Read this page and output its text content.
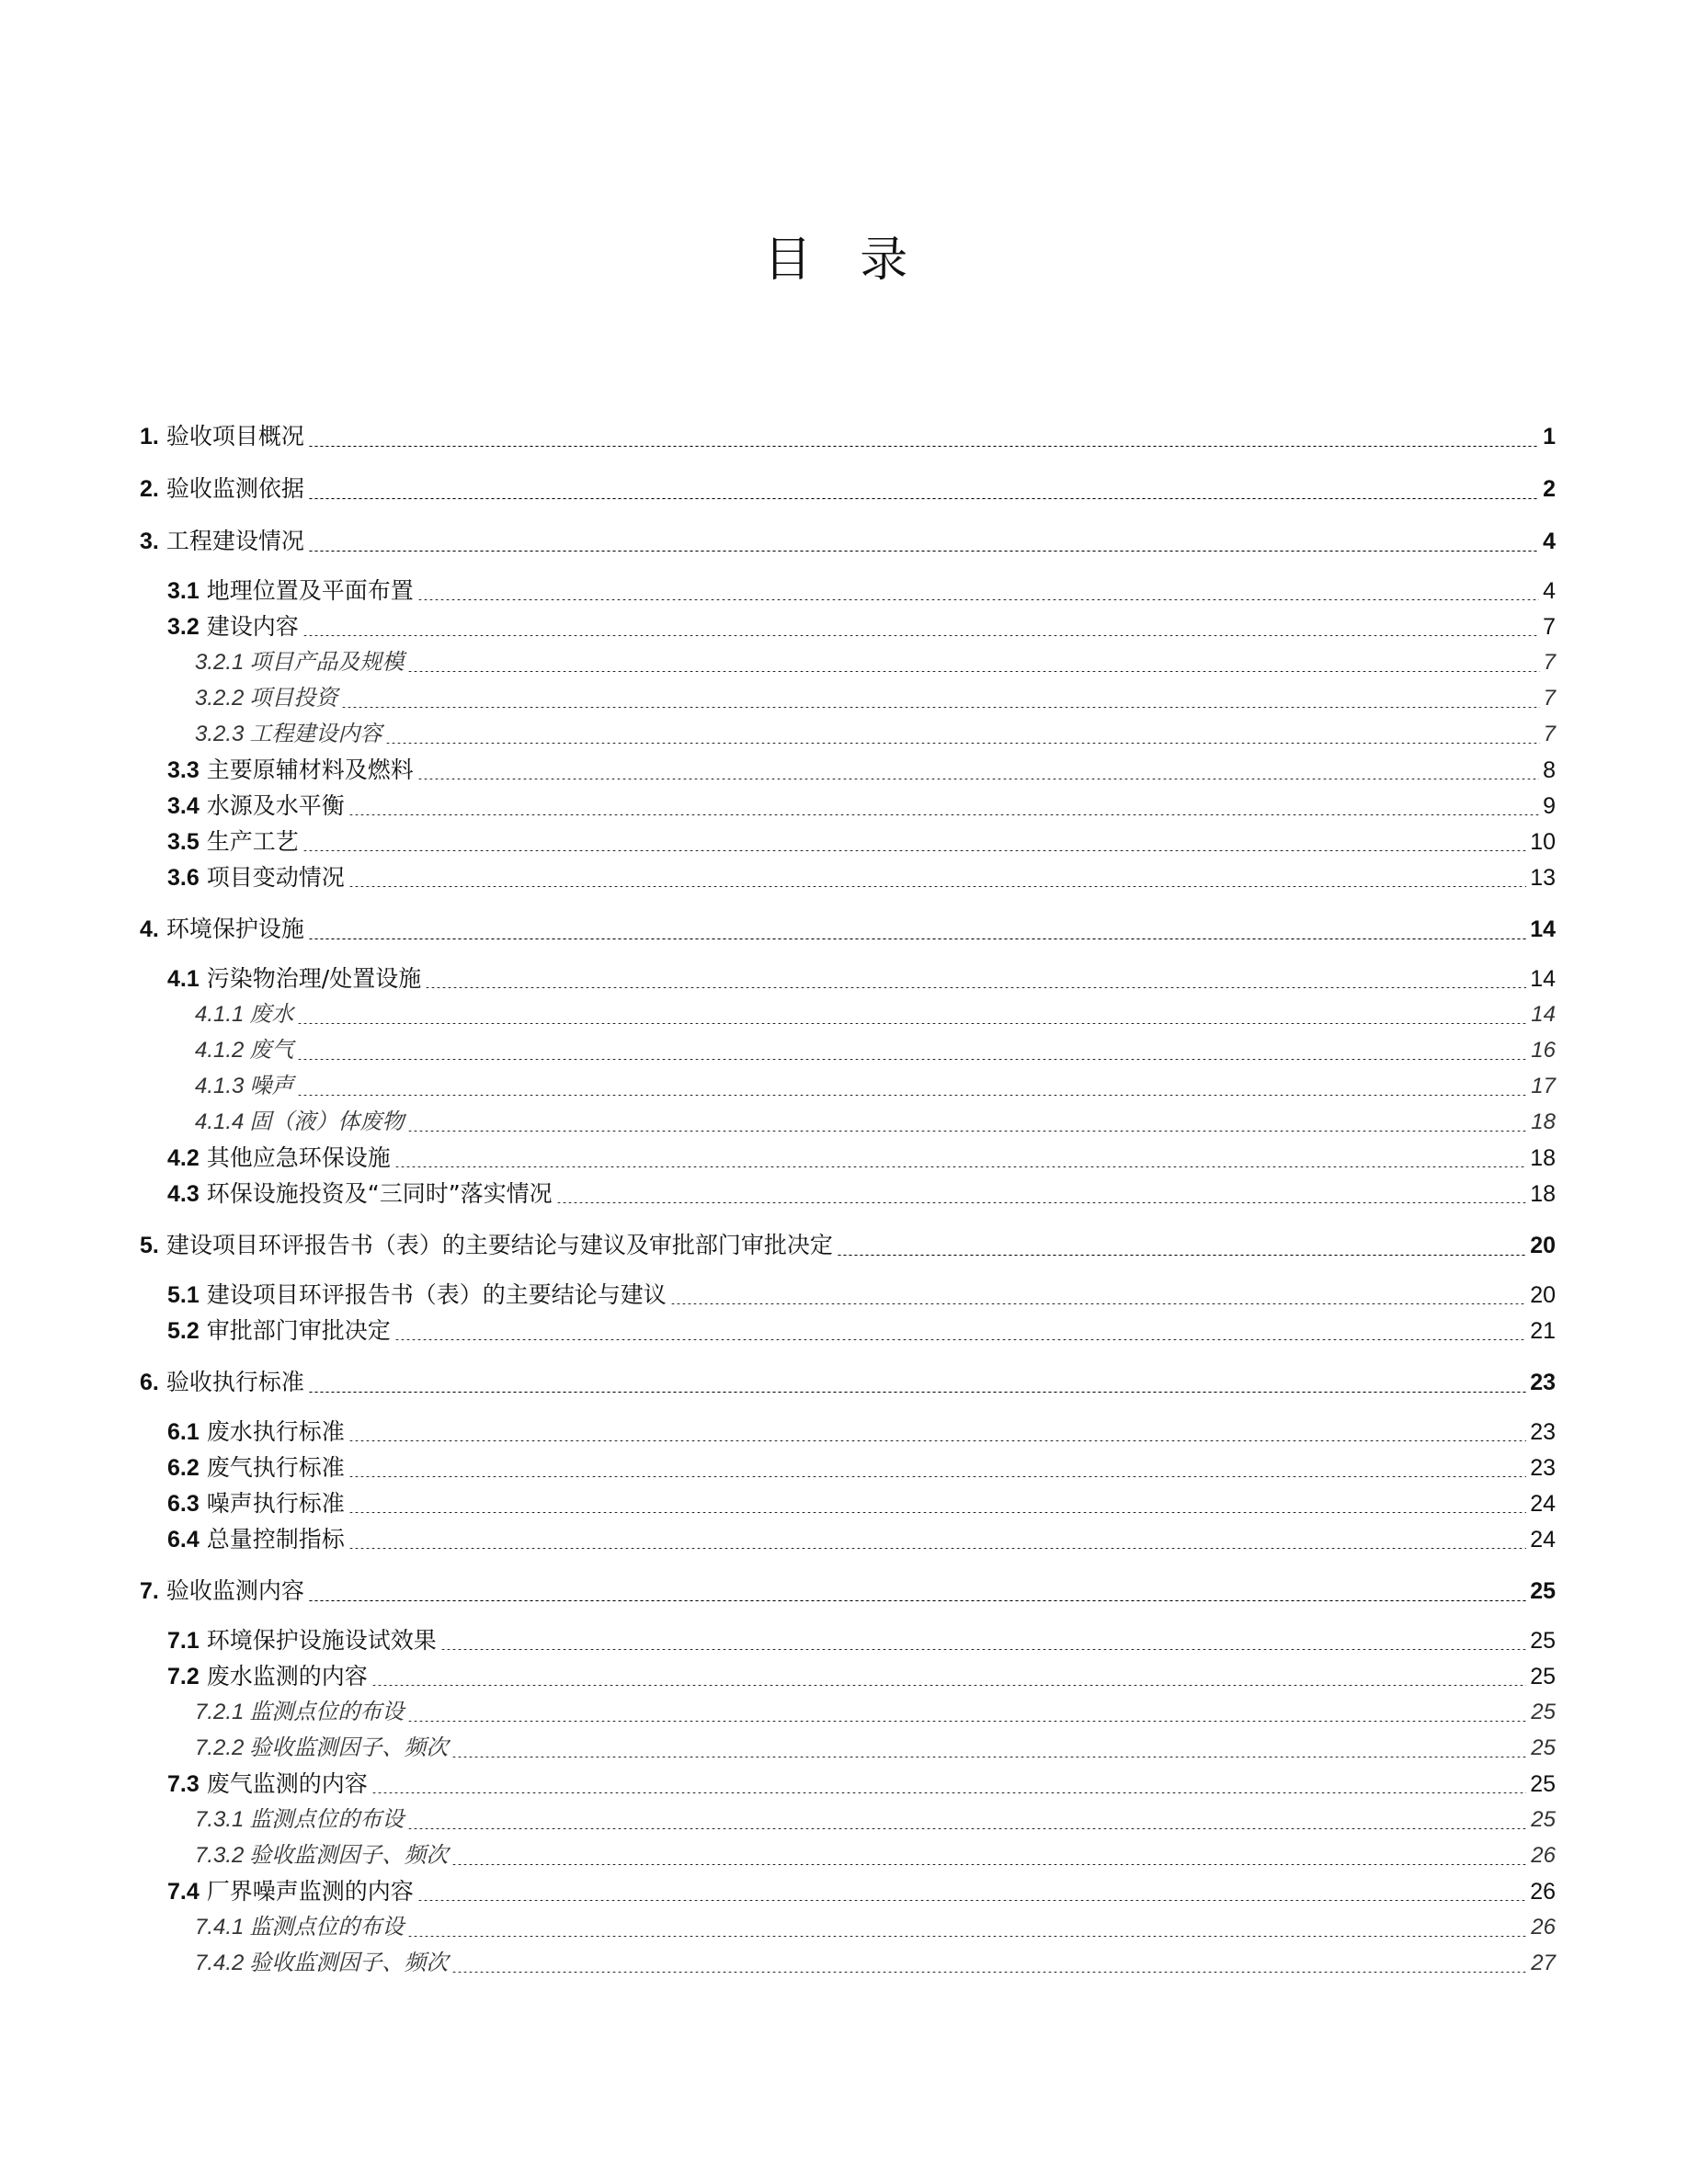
目 录
1. 验收项目概况	1
2. 验收监测依据	2
3. 工程建设情况	4
3.1 地理位置及平面布置	4
3.2 建设内容	7
3.2.1 项目产品及规模	7
3.2.2 项目投资	7
3.2.3 工程建设内容	7
3.3 主要原辅材料及燃料	8
3.4 水源及水平衡	9
3.5 生产工艺	10
3.6 项目变动情况	13
4. 环境保护设施	14
4.1 污染物治理/处置设施	14
4.1.1 废水	14
4.1.2 废气	16
4.1.3 噪声	17
4.1.4 固（液）体废物	18
4.2 其他应急环保设施	18
4.3 环保设施投资及“三同时”落实情况	18
5. 建设项目环评报告书（表）的主要结论与建议及审批部门审批决定	20
5.1 建设项目环评报告书（表）的主要结论与建议	20
5.2 审批部门审批决定	21
6. 验收执行标准	23
6.1 废水执行标准	23
6.2 废气执行标准	23
6.3 噪声执行标准	24
6.4 总量控制指标	24
7. 验收监测内容	25
7.1 环境保护设施设试效果	25
7.2 废水监测的内容	25
7.2.1 监测点位的布设	25
7.2.2 验收监测因子、频次	25
7.3 废气监测的内容	25
7.3.1 监测点位的布设	25
7.3.2 验收监测因子、频次	26
7.4 厂界噪声监测的内容	26
7.4.1 监测点位的布设	26
7.4.2 验收监测因子、频次	27
